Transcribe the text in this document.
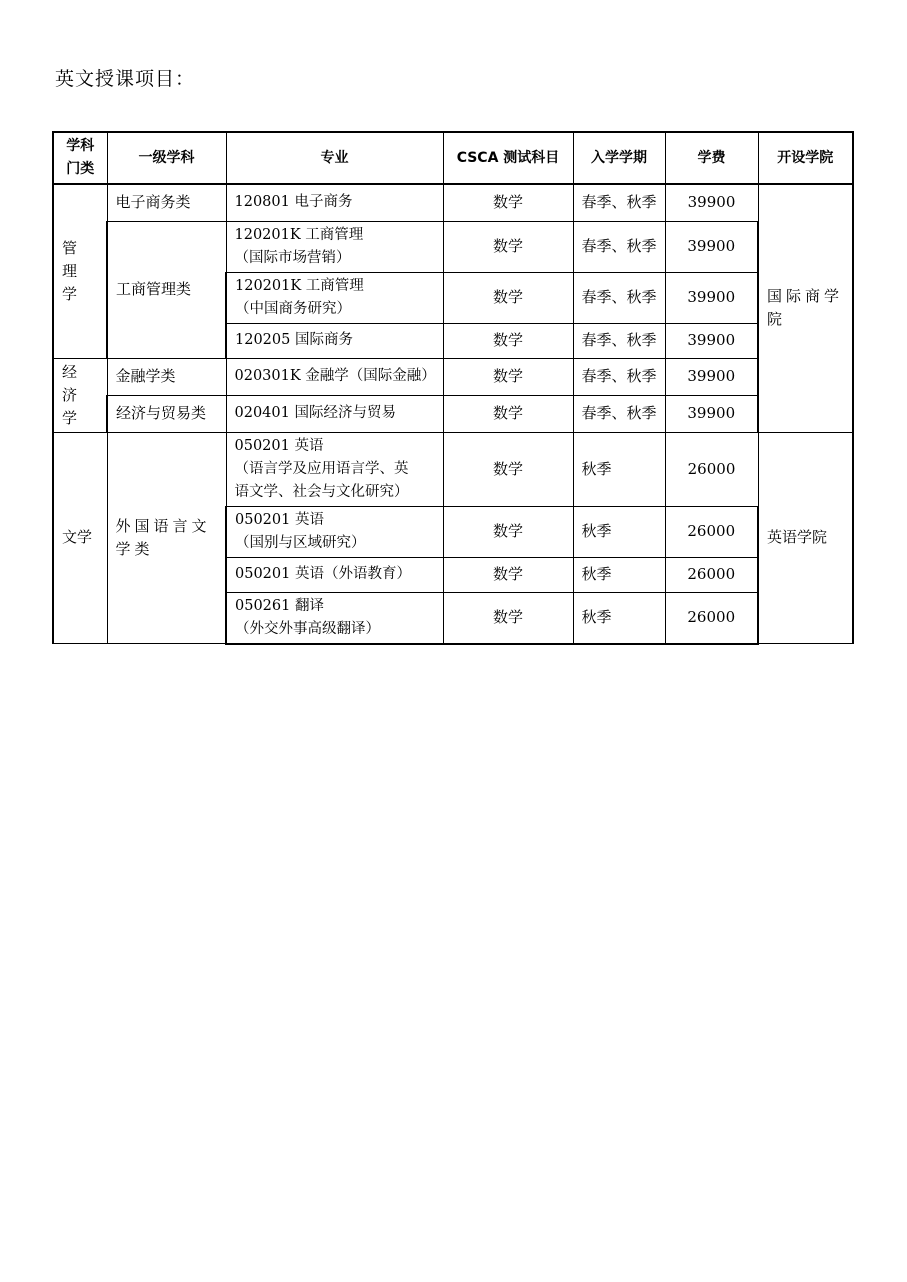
英文授课项目：
学科
门类	一级学科	专业	CSCA 测试科目	入学学期	学费	开设学院
管理学	电子商务类	120801 电子商务	数学	春季、秋季	39900	国际商学院
	工商管理类	120201K 工商管理
（国际市场营销）	数学	春季、秋季	39900	

		120201K 工商管理
（中国商务研究）	数学	春季、秋季	39900	

		120205 国际商务	数学	春季、秋季	39900	
经济学	金融学类	020301K 金融学（国际金融）	数学	春季、秋季	39900	
	经济与贸易类	020401 国际经济与贸易	数学	春季、秋季	39900	
文学	外国语言文学类	050201 英语
（语言学及应用语言学、英
语文学、社会与文化研究）	数学	秋季	26000	英语学院

		050201 英语
（国别与区域研究）	数学	秋季	26000	

		050201 英语（外语教育）	数学	秋季	26000	

		050261 翻译
（外交外事高级翻译）	数学	秋季	26000	
